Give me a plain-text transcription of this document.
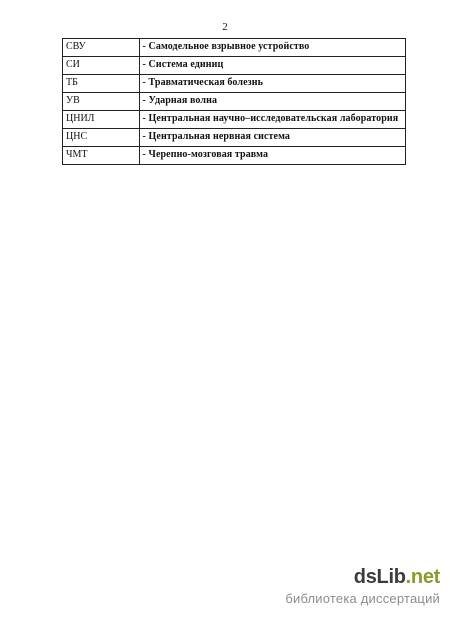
2
СВУ	- Самодельное взрывное устройство
СИ	- Система единиц
ТБ	- Травматическая болезнь
УВ	- Ударная волна
ЦНИЛ	- Центральная научно–исследовательская лаборатория
ЦНС	- Центральная нервная система
ЧМТ	- Черепно-мозговая травма
dsLib.net
библиотека диссертаций
